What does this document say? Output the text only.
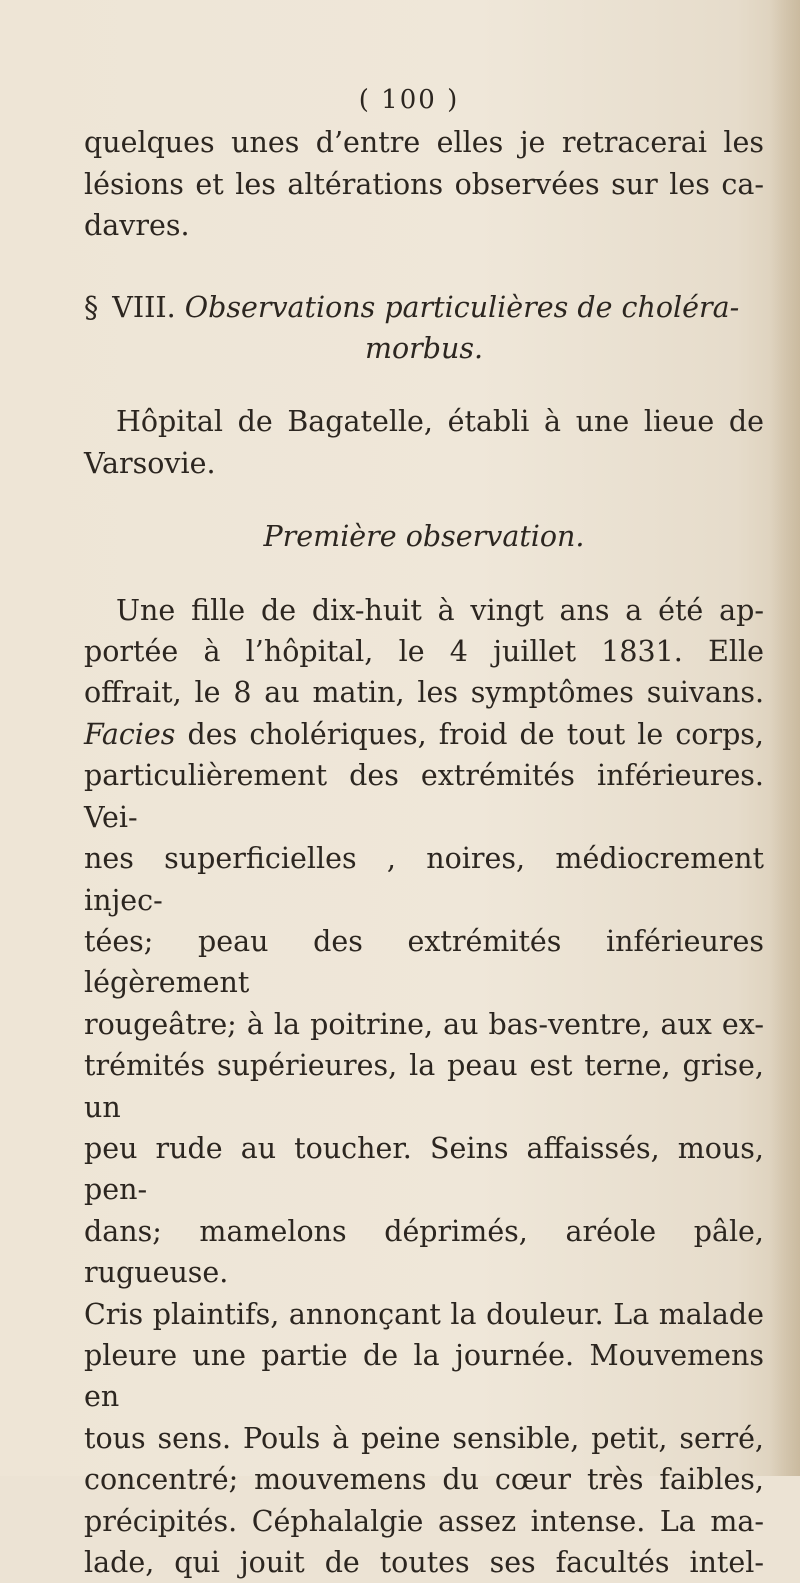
( 100 )

quelques unes d’entre elles je retracerai les
lésions et les altérations observées sur les ca-
davres.

§ VIII. Observations particulières de choléra-
morbus.

Hôpital de Bagatelle, établi à une lieue de
Varsovie.

Première observation.

Une fille de dix-huit à vingt ans a été ap-
portée à l’hôpital, le 4 juillet 1831. Elle
offrait, le 8 au matin, les symptômes suivans.
Facies des cholériques, froid de tout le corps,
particulièrement des extrémités inférieures. Vei-
nes superficielles , noires, médiocrement injec-
tées; peau des extrémités inférieures légèrement
rougeâtre; à la poitrine, au bas-ventre, aux ex-
trémités supérieures, la peau est terne, grise, un
peu rude au toucher. Seins affaissés, mous, pen-
dans; mamelons déprimés, aréole pâle, rugueuse.
Cris plaintifs, annonçant la douleur. La malade
pleure une partie de la journée. Mouvemens en
tous sens. Pouls à peine sensible, petit, serré,
concentré; mouvemens du cœur très faibles,
précipités. Céphalalgie assez intense. La ma-
lade, qui jouit de toutes ses facultés intel-
